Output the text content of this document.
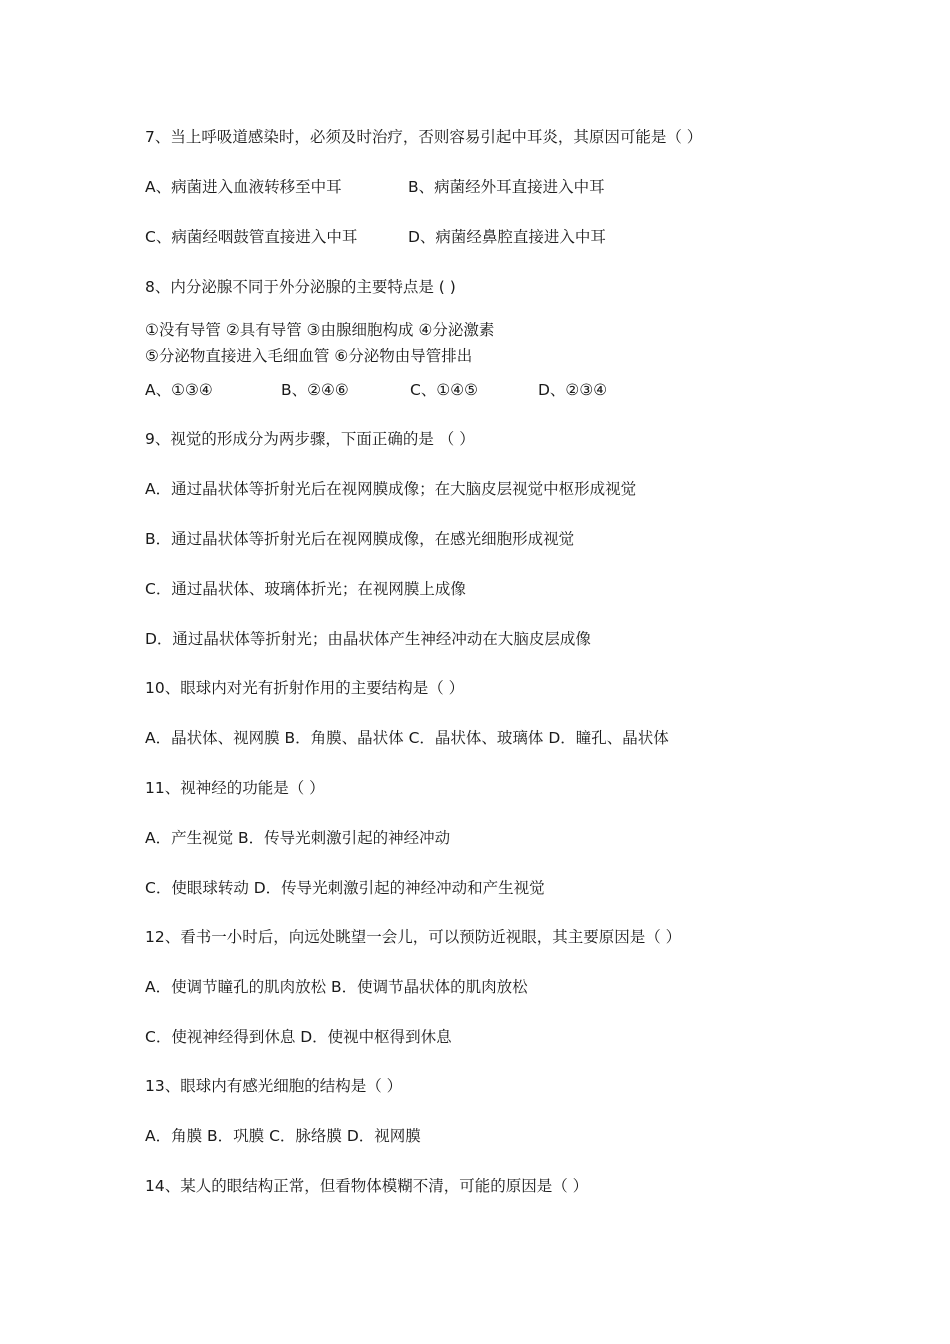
7、当上呼吸道感染时，必须及时治疗，否则容易引起中耳炎，其原因可能是（ ）
A、病菌进入血液转移至中耳	B、病菌经外耳直接进入中耳
C、病菌经咽鼓管直接进入中耳	D、病菌经鼻腔直接进入中耳
8、内分泌腺不同于外分泌腺的主要特点是 ( )
①没有导管 ②具有导管 ③由腺细胞构成 ④分泌激素
⑤分泌物直接进入毛细血管 ⑥分泌物由导管排出
A、①③④	B、②④⑥	C、①④⑤	D、②③④
9、视觉的形成分为两步骤，下面正确的是 （ ）
A．通过晶状体等折射光后在视网膜成像；在大脑皮层视觉中枢形成视觉
B．通过晶状体等折射光后在视网膜成像，在感光细胞形成视觉
C．通过晶状体、玻璃体折光；在视网膜上成像
D．通过晶状体等折射光；由晶状体产生神经冲动在大脑皮层成像
10、眼球内对光有折射作用的主要结构是（ ）
A．晶状体、视网膜 B．角膜、晶状体 C．晶状体、玻璃体 D．瞳孔、晶状体
11、视神经的功能是（ ）
A．产生视觉 B．传导光刺激引起的神经冲动
C．使眼球转动 D．传导光刺激引起的神经冲动和产生视觉
12、看书一小时后，向远处眺望一会儿，可以预防近视眼，其主要原因是（ ）
A．使调节瞳孔的肌肉放松 B．使调节晶状体的肌肉放松
C．使视神经得到休息 D．使视中枢得到休息
13、眼球内有感光细胞的结构是（ ）
A．角膜 B．巩膜 C．脉络膜 D．视网膜
14、某人的眼结构正常，但看物体模糊不清，可能的原因是（ ）
